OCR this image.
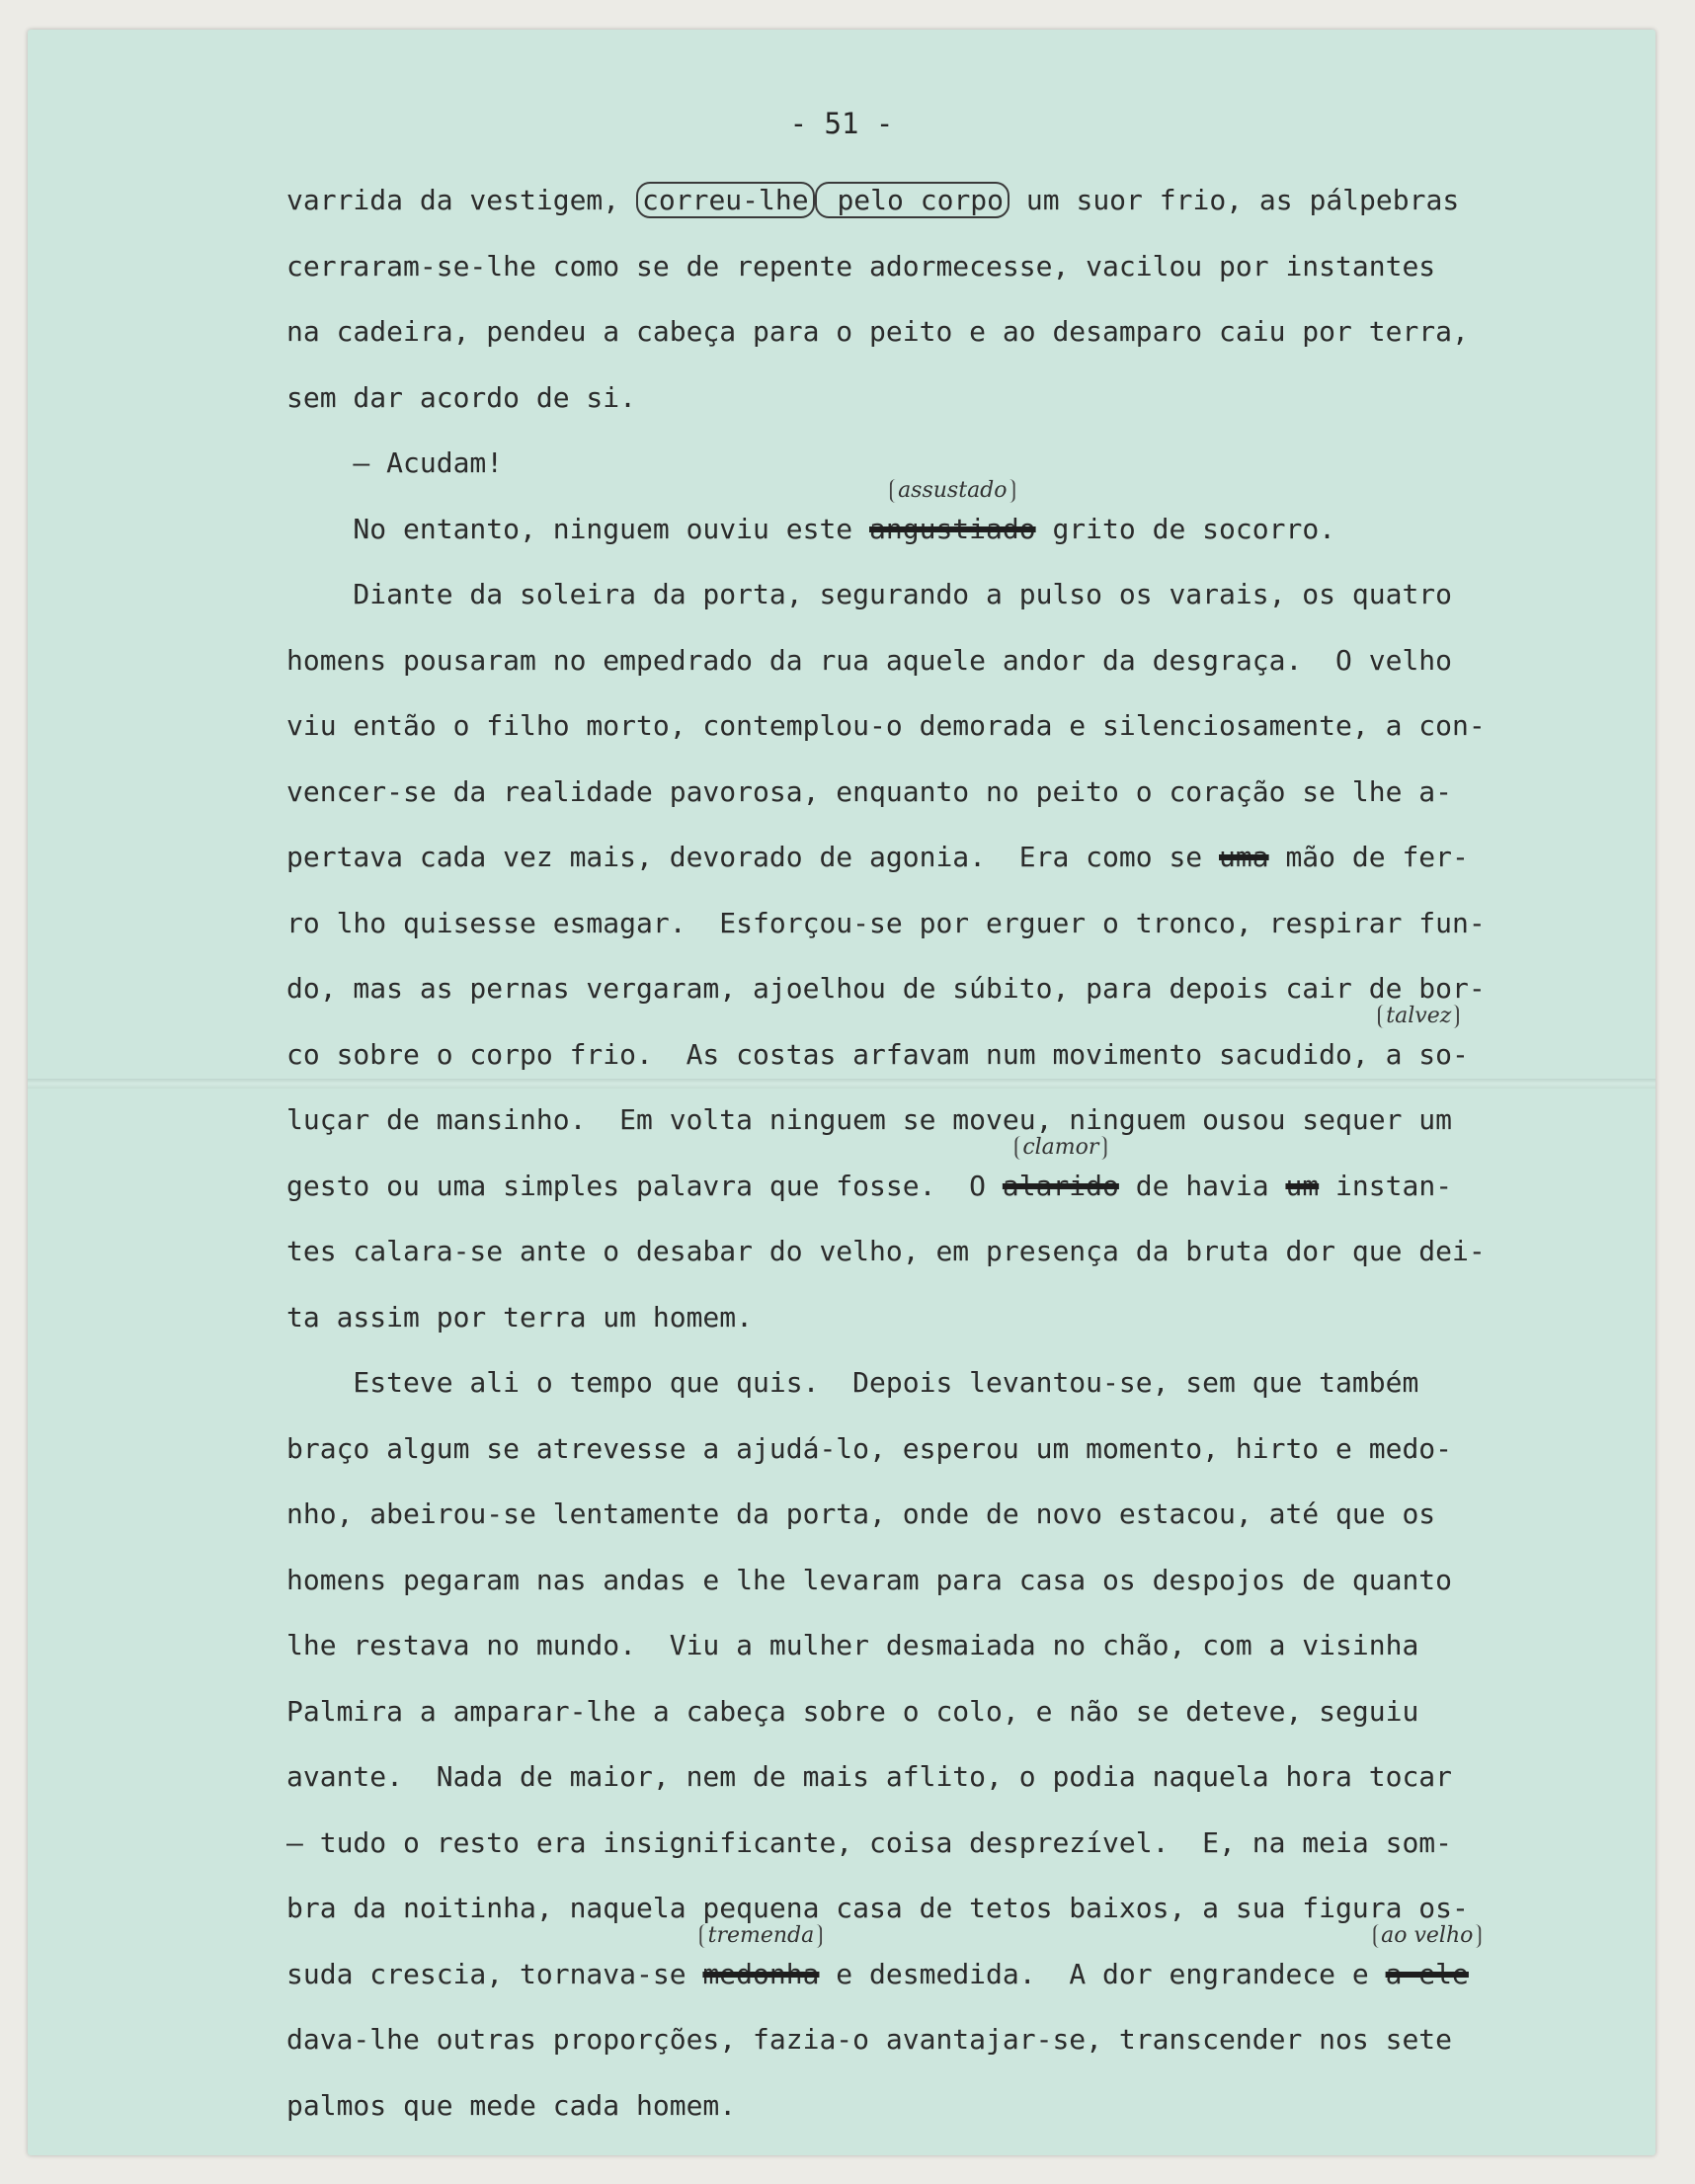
- 51 -
varrida da vestigem, correu-lhe pelo corpo um suor frio, as pálpebras
cerraram-se-lhe como se de repente adormecesse, vacilou por instantes
na cadeira, pendeu a cabeça para o peito e ao desamparo caiu por terra,
sem dar acordo de si.
— Acudam!
No entanto, ninguem ouviu este angustiado
assustado
grito de socorro.
Diante da soleira da porta, segurando a pulso os varais, os quatro
homens pousaram no empedrado da rua aquele andor da desgraça.  O velho
viu então o filho morto, contemplou-o demorada e silenciosamente, a con-
vencer-se da realidade pavorosa, enquanto no peito o coração se lhe a-
pertava cada vez mais, devorado de agonia.  Era como se uma mão de fer-
ro lho quisesse esmagar.  Esforçou-se por erguer o tronco, respirar fun-
do, mas as pernas vergaram, ajoelhou de súbito, para depois cair de bor-
co sobre o corpo frio.  As costas arfavam num movimento sacudido, a so-
talvez
luçar de mansinho.  Em volta ninguem se moveu, ninguem ousou sequer um
gesto ou uma simples palavra que fosse.  O alarido
clamor
de havia um instan-
tes calara-se ante o desabar do velho, em presença da bruta dor que dei-
ta assim por terra um homem.
Esteve ali o tempo que quis.  Depois levantou-se, sem que também
braço algum se atrevesse a ajudá-lo, esperou um momento, hirto e medo-
nho, abeirou-se lentamente da porta, onde de novo estacou, até que os
homens pegaram nas andas e lhe levaram para casa os despojos de quanto
lhe restava no mundo.  Viu a mulher desmaiada no chão, com a visinha
Palmira a amparar-lhe a cabeça sobre o colo, e não se deteve, seguiu
avante.  Nada de maior, nem de mais aflito, o podia naquela hora tocar
— tudo o resto era insignificante, coisa desprezível.  E, na meia som-
bra da noitinha, naquela pequena casa de tetos baixos, a sua figura os-
suda crescia, tornava-se medonha
tremenda
e desmedida.  A dor engrandece e a ele
ao velho
dava-lhe outras proporções, fazia-o avantajar-se, transcender nos sete
palmos que mede cada homem.
